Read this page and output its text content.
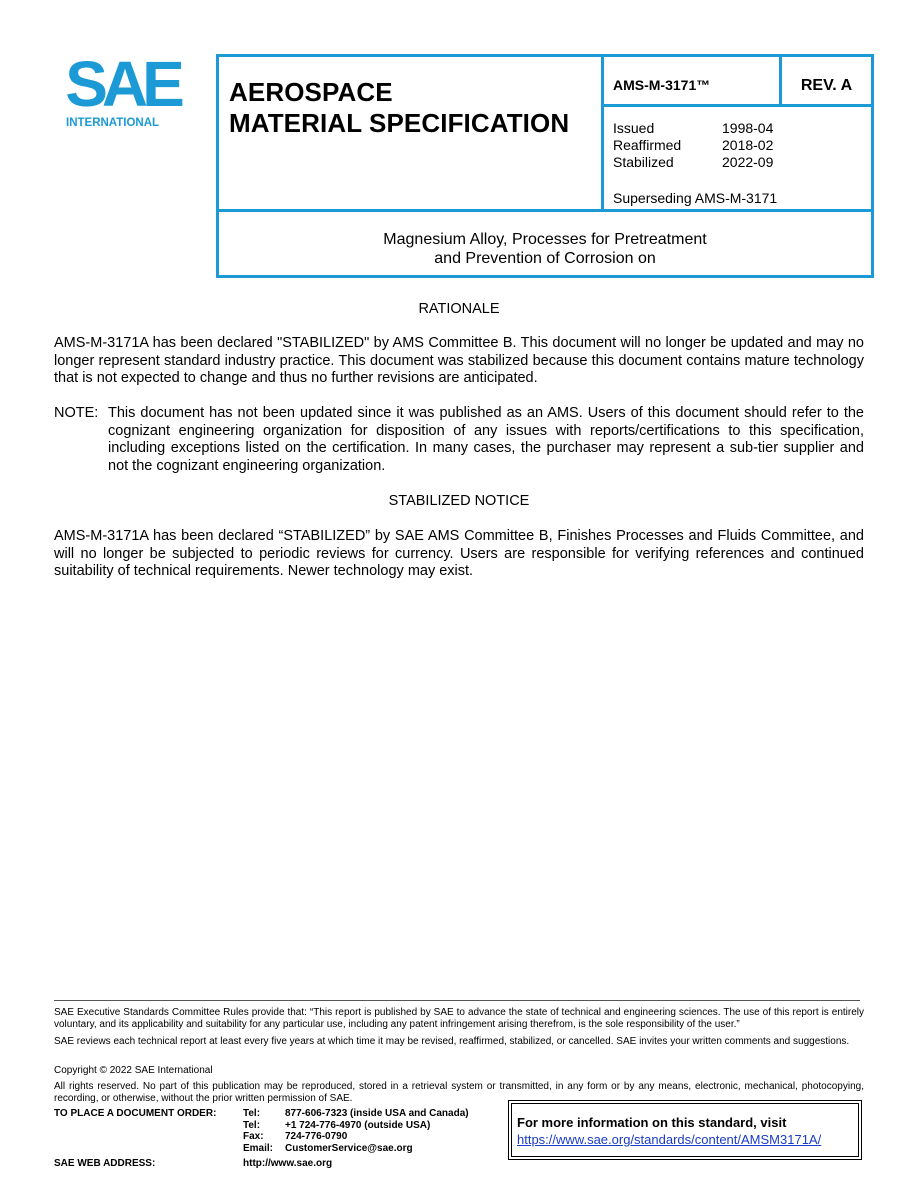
SAE
INTERNATIONAL
AEROSPACE
MATERIAL SPECIFICATION
AMS-M-3171™	REV. A
Issued	1998-04
Reaffirmed	2018-02
Stabilized	2022-09
Superseding AMS-M-3171
Magnesium Alloy, Processes for Pretreatment
and Prevention of Corrosion on
RATIONALE
AMS-M-3171A has been declared "STABILIZED" by AMS Committee B. This document will no longer be updated and may no longer represent standard industry practice. This document was stabilized because this document contains mature technology that is not expected to change and thus no further revisions are anticipated.
NOTE: This document has not been updated since it was published as an AMS. Users of this document should refer to the cognizant engineering organization for disposition of any issues with reports/certifications to this specification, including exceptions listed on the certification. In many cases, the purchaser may represent a sub-tier supplier and not the cognizant engineering organization.
STABILIZED NOTICE
AMS-M-3171A has been declared “STABILIZED” by SAE AMS Committee B, Finishes Processes and Fluids Committee, and will no longer be subjected to periodic reviews for currency. Users are responsible for verifying references and continued suitability of technical requirements. Newer technology may exist.
SAE Executive Standards Committee Rules provide that: “This report is published by SAE to advance the state of technical and engineering sciences. The use of this report is entirely voluntary, and its applicability and suitability for any particular use, including any patent infringement arising therefrom, is the sole responsibility of the user.”
SAE reviews each technical report at least every five years at which time it may be revised, reaffirmed, stabilized, or cancelled. SAE invites your written comments and suggestions.
Copyright © 2022 SAE International
All rights reserved. No part of this publication may be reproduced, stored in a retrieval system or transmitted, in any form or by any means, electronic, mechanical, photocopying, recording, or otherwise, without the prior written permission of SAE.
TO PLACE A DOCUMENT ORDER:	Tel:	877-606-7323 (inside USA and Canada)
Tel:	+1 724-776-4970 (outside USA)
Fax:	724-776-0790
Email:	CustomerService@sae.org
SAE WEB ADDRESS:	http://www.sae.org
For more information on this standard, visit
https://www.sae.org/standards/content/AMSM3171A/
